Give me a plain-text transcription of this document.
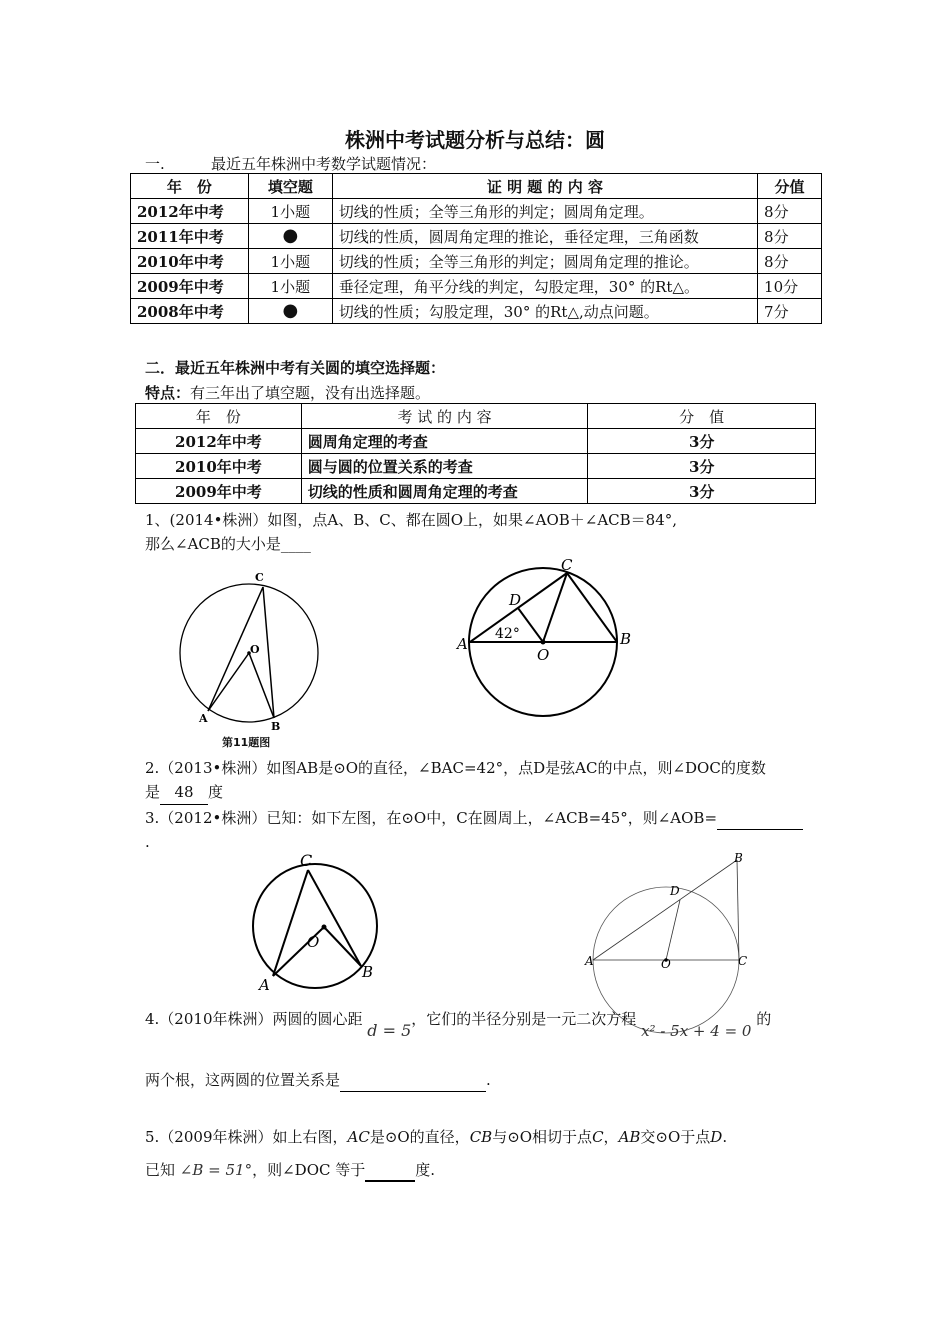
株洲中考试题分析与总结：圆
一.	最近五年株洲中考数学试题情况：
年　份	填空题	证 明 题 的 内 容	分值
2012年中考	1小题	切线的性质；全等三角形的判定；圆周角定理。	8分
2011年中考	●	切线的性质，圆周角定理的推论，垂径定理，三角函数	8分
2010年中考	1小题	切线的性质；全等三角形的判定；圆周角定理的推论。	8分
2009年中考	1小题	垂径定理，角平分线的判定，勾股定理，30° 的Rt△。	10分
2008年中考	●	切线的性质；勾股定理，30° 的Rt△,动点问题。	7分
二．最近五年株洲中考有关圆的填空选择题：
特点：有三年出了填空题，没有出选择题。
年　份	考 试 的 内 容	分　值
2012年中考	圆周角定理的考查	3分
2010年中考	圆与圆的位置关系的考查	3分
2009年中考	切线的性质和圆周角定理的考查	3分
1、(2014•株洲）如图，点A、B、C、都在圆O上，如果∠AOB＋∠ACB＝84°,
那么∠ACB的大小是____
C
O
A
B
第11题图
C
D
42°
A
O
B
2.（2013•株洲）如图AB是⊙O的直径，∠BAC=42°，点D是弦AC的中点，则∠DOC的度数
是 48 度
3.（2012•株洲）已知：如下左图，在⊙O中，C在圆周上，∠ACB=45°，则∠AOB=
.
C
O
A
B
B
D
A	O	C
4.（2010年株洲）两圆的圆心距 d = 5，它们的半径分别是一元二次方程 x² - 5x + 4 = 0 的
两个根，这两圆的位置关系是	.
5.（2009年株洲）如上右图，AC是⊙O的直径，CB与⊙O相切于点C，AB交⊙O于点D.
已知 ∠B = 51°，则∠DOC 等于	度.
